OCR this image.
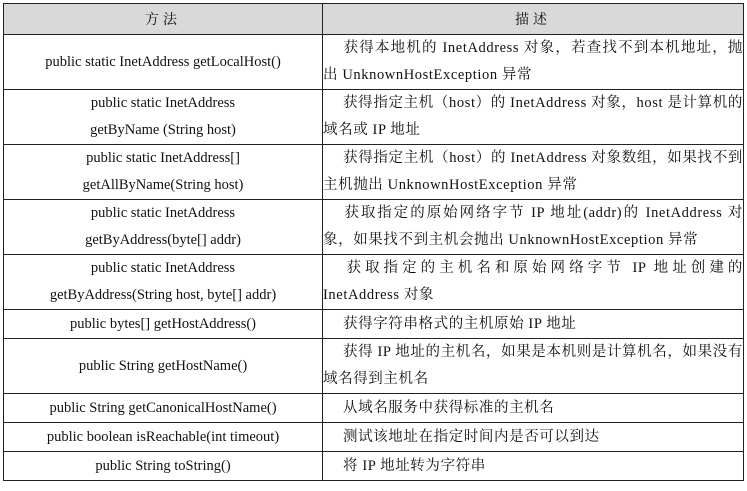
方法	描述
public static InetAddress getLocalHost()	获得本地机的 InetAddress 对象，若查找不到本机地址，抛出 UnknownHostException 异常
public static InetAddress
getByName (String host)	获得指定主机（host）的 InetAddress 对象，host 是计算机的域名或 IP 地址
public static InetAddress[]
getAllByName(String host)	获得指定主机（host）的 InetAddress 对象数组，如果找不到主机抛出 UnknownHostException 异常
public static InetAddress
getByAddress(byte[] addr)	获取指定的原始网络字节 IP 地址(addr)的 InetAddress 对象，如果找不到主机会抛出 UnknownHostException 异常
public static InetAddress
getByAddress(String host, byte[] addr)	获取指定的主机名和原始网络字节 IP 地址创建的 InetAddress 对象
public bytes[] getHostAddress()	获得字符串格式的主机原始 IP 地址
public String getHostName()	获得 IP 地址的主机名，如果是本机则是计算机名，如果没有域名得到主机名
public String getCanonicalHostName()	从域名服务中获得标准的主机名
public boolean isReachable(int timeout)	测试该地址在指定时间内是否可以到达
public String toString()	将 IP 地址转为字符串
